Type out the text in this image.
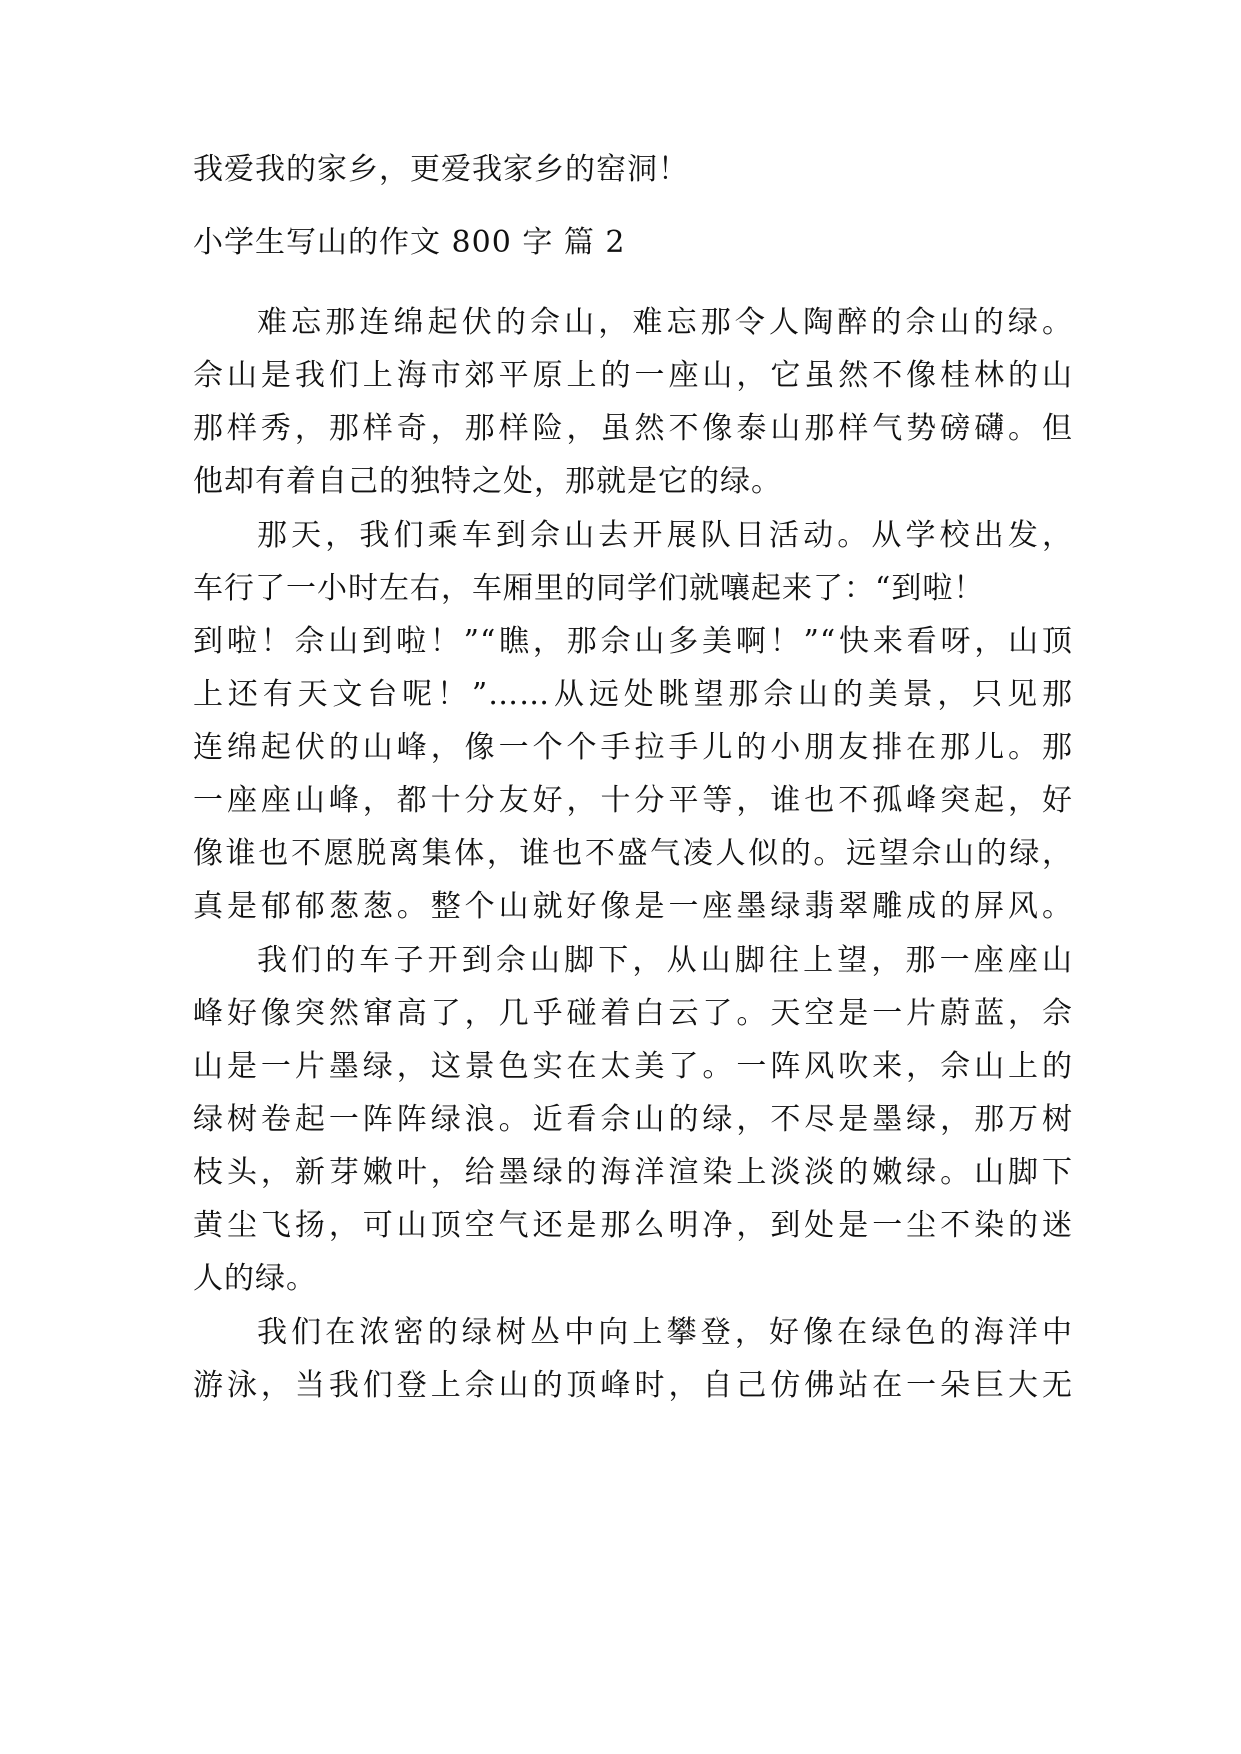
我爱我的家乡，更爱我家乡的窑洞！
小学生写山的作文 800 字 篇 2
难忘那连绵起伏的佘山，难忘那令人陶醉的佘山的绿。
佘山是我们上海市郊平原上的一座山，它虽然不像桂林的山
那样秀，那样奇，那样险，虽然不像泰山那样气势磅礴。但
他却有着自己的独特之处，那就是它的绿。
那天，我们乘车到佘山去开展队日活动。从学校出发，
车行了一小时左右，车厢里的同学们就嚷起来了：“到啦！
到啦！佘山到啦！”“瞧，那佘山多美啊！”“快来看呀，山顶
上还有天文台呢！”……从远处眺望那佘山的美景，只见那
连绵起伏的山峰，像一个个手拉手儿的小朋友排在那儿。那
一座座山峰，都十分友好，十分平等，谁也不孤峰突起，好
像谁也不愿脱离集体，谁也不盛气凌人似的。远望佘山的绿，
真是郁郁葱葱。整个山就好像是一座墨绿翡翠雕成的屏风。
我们的车子开到佘山脚下，从山脚往上望，那一座座山
峰好像突然窜高了，几乎碰着白云了。天空是一片蔚蓝，佘
山是一片墨绿，这景色实在太美了。一阵风吹来，佘山上的
绿树卷起一阵阵绿浪。近看佘山的绿，不尽是墨绿，那万树
枝头，新芽嫩叶，给墨绿的海洋渲染上淡淡的嫩绿。山脚下
黄尘飞扬，可山顶空气还是那么明净，到处是一尘不染的迷
人的绿。
我们在浓密的绿树丛中向上攀登，好像在绿色的海洋中
游泳，当我们登上佘山的顶峰时，自己仿佛站在一朵巨大无
